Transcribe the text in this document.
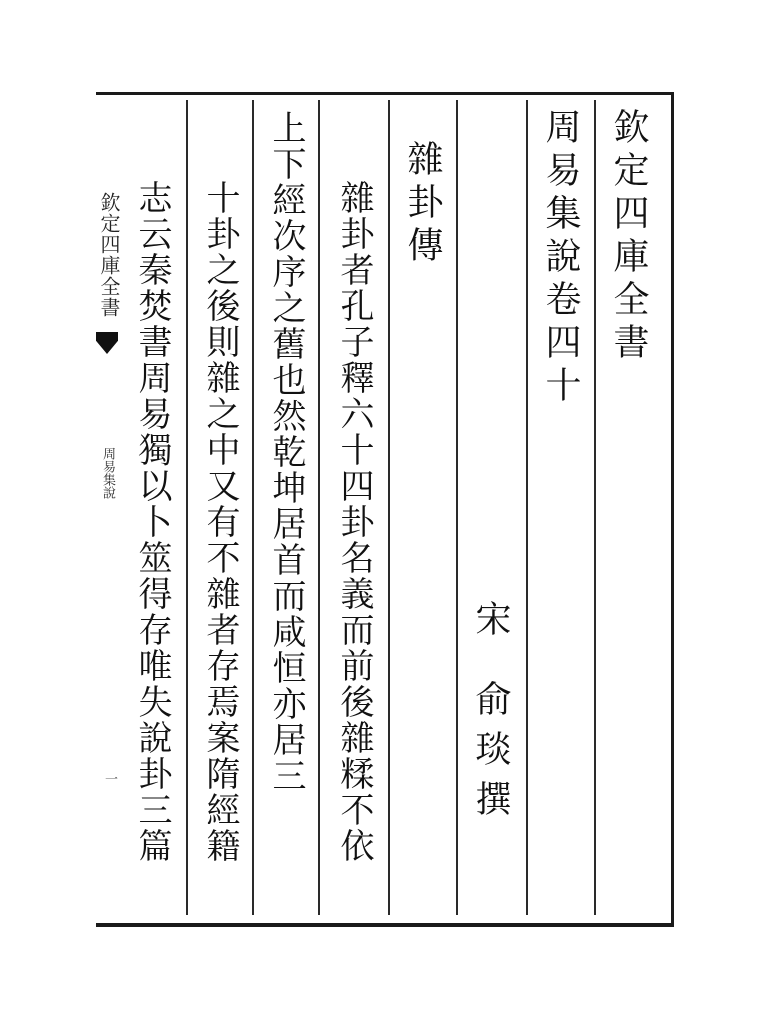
欽定四庫全書
周易集說
一
欽定四庫全書
周易集說卷四十
宋
俞琰
撰
雜卦傳
雜卦者孔子釋六十四卦名義而前後雜糅不依
上下經次序之舊也然乾坤居首而咸恒亦居三
十卦之後則雜之中又有不雜者存焉案隋經籍
志云秦焚書周易獨以卜筮得存唯失說卦三篇
